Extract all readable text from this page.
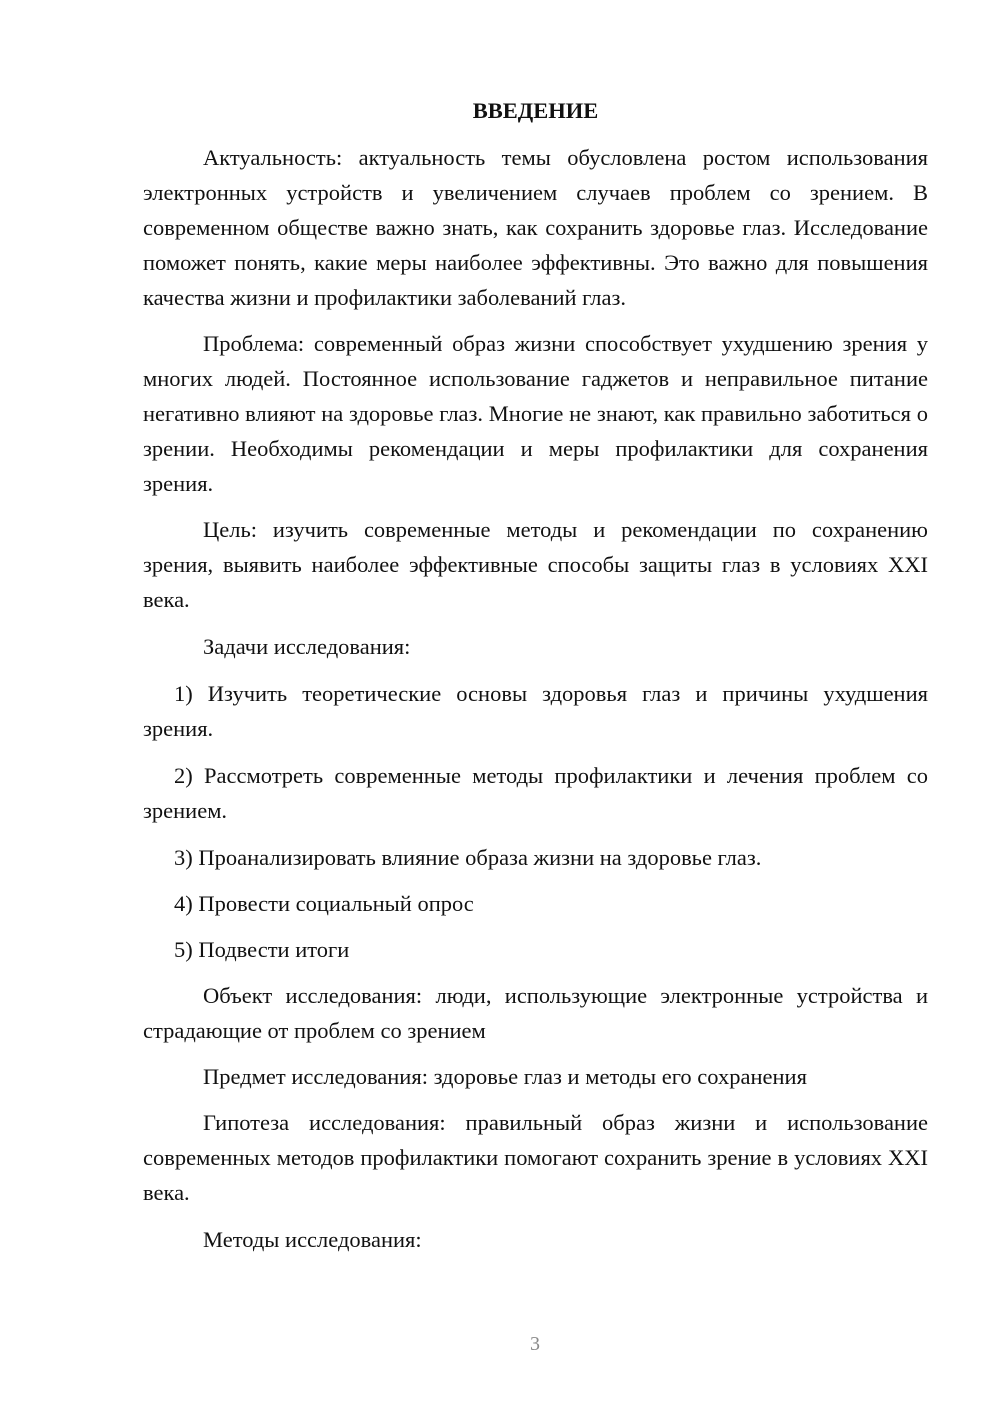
ВВЕДЕНИЕ

Актуальность: актуальность темы обусловлена ростом использования электронных устройств и увеличением случаев проблем со зрением. В современном обществе важно знать, как сохранить здоровье глаз. Исследование поможет понять, какие меры наиболее эффективны. Это важно для повышения качества жизни и профилактики заболеваний глаз.

Проблема: современный образ жизни способствует ухудшению зрения у многих людей. Постоянное использование гаджетов и неправильное питание негативно влияют на здоровье глаз. Многие не знают, как правильно заботиться о зрении. Необходимы рекомендации и меры профилактики для сохранения зрения.

Цель: изучить современные методы и рекомендации по сохранению зрения, выявить наиболее эффективные способы защиты глаз в условиях XXI века.

Задачи исследования:

1) Изучить теоретические основы здоровья глаз и причины ухудшения зрения.

2) Рассмотреть современные методы профилактики и лечения проблем со зрением.

3) Проанализировать влияние образа жизни на здоровье глаз.

4) Провести социальный опрос

5) Подвести итоги

Объект исследования: люди, использующие электронные устройства и страдающие от проблем со зрением

Предмет исследования: здоровье глаз и методы его сохранения

Гипотеза исследования: правильный образ жизни и использование современных методов профилактики помогают сохранить зрение в условиях XXI века.

Методы исследования:

3
